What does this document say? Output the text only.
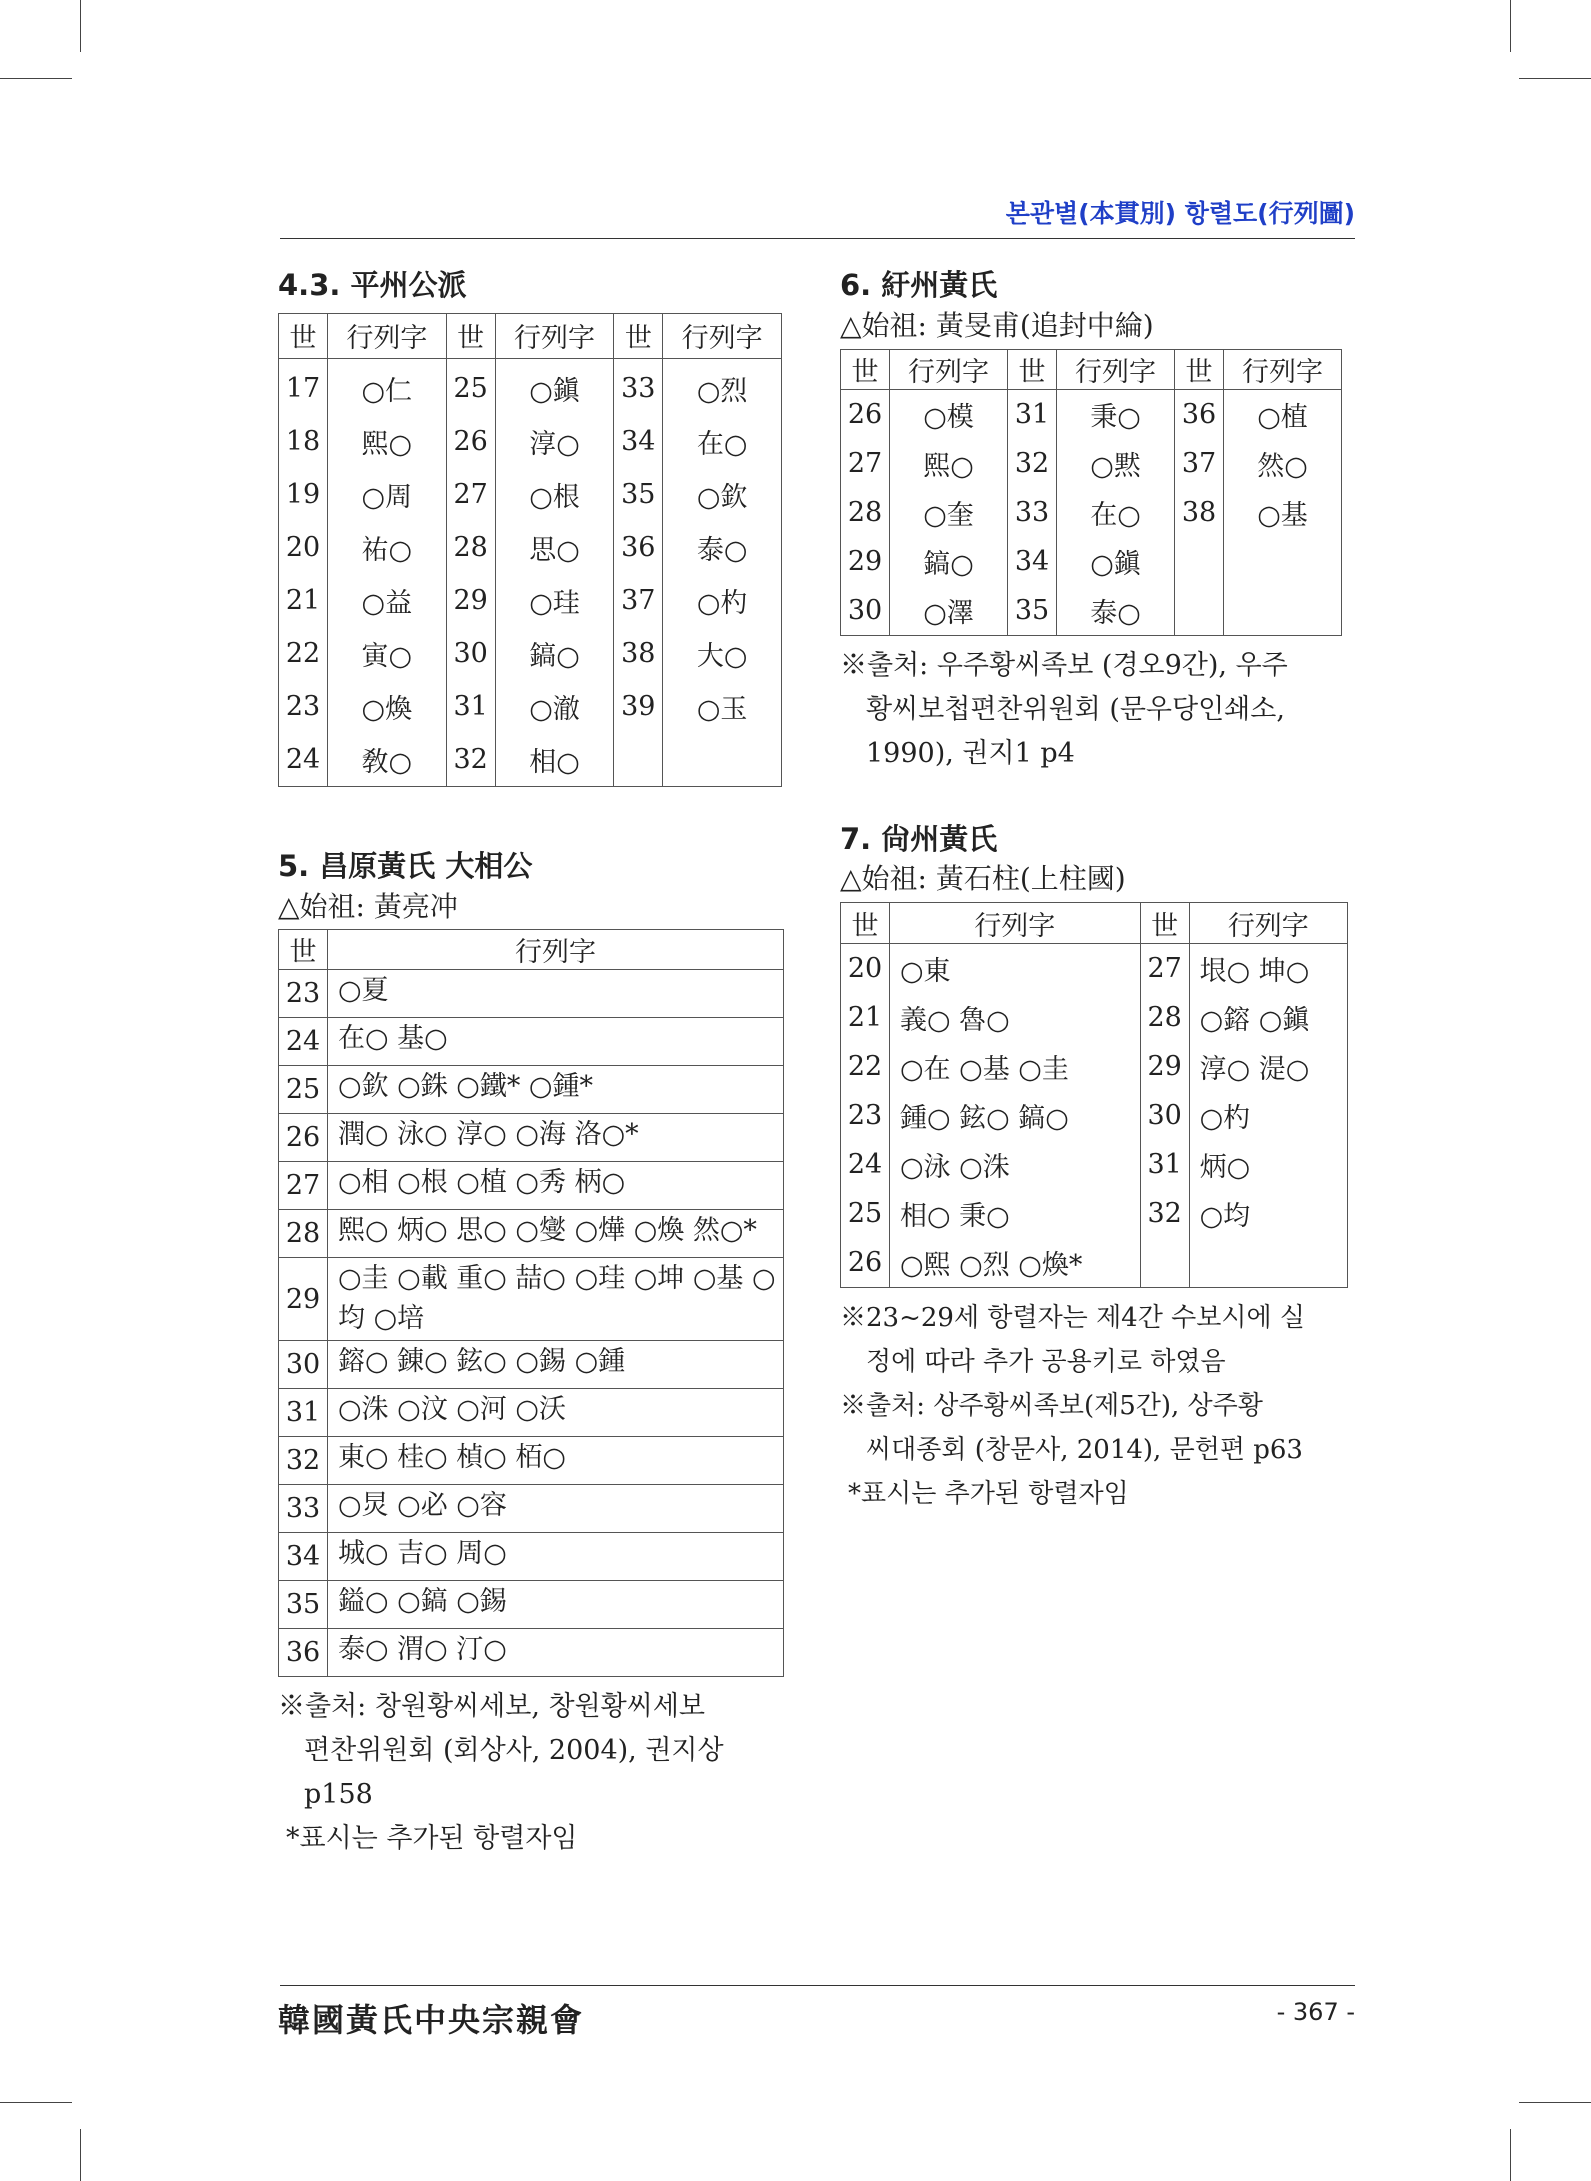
본관별(本貫別) 항렬도(行列圖)
4.3. 平州公派
世	行列字	世	行列字	世	行列字
17	○仁	25	○鎭	33	○烈
18	熙○	26	淳○	34	在○
19	○周	27	○根	35	○欽
20	祐○	28	思○	36	泰○
21	○益	29	○珪	37	○杓
22	寅○	30	鎬○	38	大○
23	○煥	31	○澈	39	○玉
24	敎○	32	相○		
5. 昌原黃氏 大相公

△始祖: 黃亮冲

世	行列字
23	○夏
24	在○ 基○
25	○欽 ○銖 ○鐵* ○鍾*
26	潤○ 泳○ 淳○ ○海 洛○*
27	○相 ○根 ○植 ○秀 柄○
28	熙○ 炳○ 思○ ○燮 ○燁 ○煥 然○*
29	○圭 ○載 重○ 喆○ ○珪 ○坤 ○基 ○均 ○培
30	鎔○ 錬○ 鉉○ ○錫 ○鍾
31	○洙 ○汶 ○河 ○沃
32	東○ 桂○ 楨○ 栢○
33	○炅 ○必 ○容
34	城○ 吉○ 周○
35	鎰○ ○鎬 ○錫
36	泰○ 渭○ 汀○
※출처: 창원황씨세보, 창원황씨세보
편찬위원회 (회상사, 2004), 권지상
p158
*표시는 추가된 항렬자임
6. 紆州黃氏

△始祖: 黃旻甫(追封中綸)

世	行列字	世	行列字	世	行列字
26	○模	31	秉○	36	○植
27	熙○	32	○黙	37	然○
28	○奎	33	在○	38	○基
29	鎬○	34	○鎭		
30	○澤	35	泰○		
※출처: 우주황씨족보 (경오9간), 우주
황씨보첩편찬위원회 (문우당인쇄소,
1990), 권지1 p4
7. 尙州黃氏

△始祖: 黃石柱(上柱國)

世	行列字	世	行列字
20	○東	27	垠○ 坤○
21	義○ 魯○	28	○鎔 ○鎭
22	○在 ○基 ○圭	29	淳○ 湜○
23	鍾○ 鉉○ 鎬○	30	○杓
24	○泳 ○洙	31	炳○
25	相○ 秉○	32	○均
26	○熙 ○烈 ○煥*		
※23~29세 항렬자는 제4간 수보시에 실
정에 따라 추가 공용키로 하였음
※출처: 상주황씨족보(제5간), 상주황
씨대종회 (창문사, 2014), 문헌편 p63
*표시는 추가된 항렬자임
韓國黃氏中央宗親會	- 367 -
